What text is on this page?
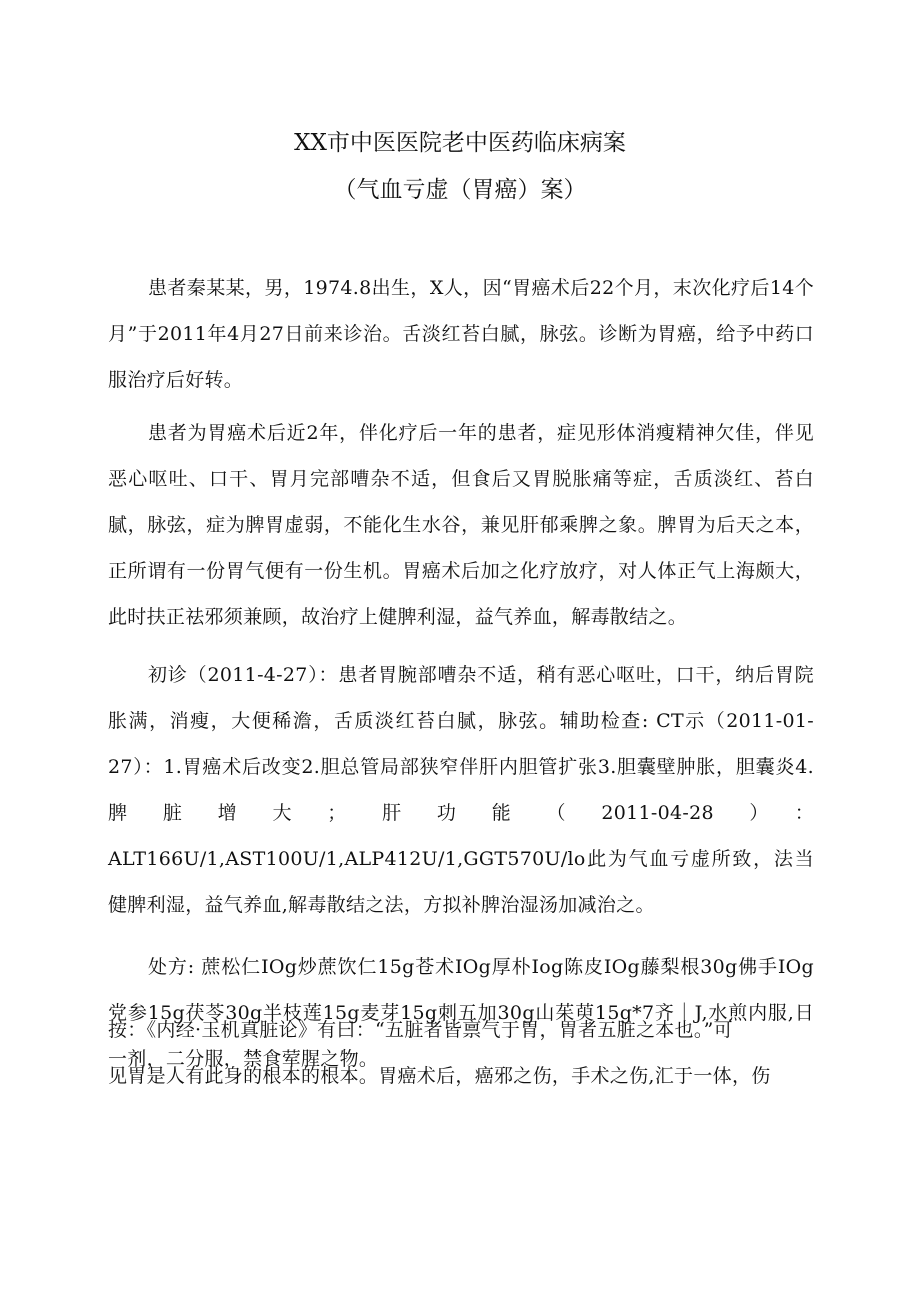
XX市中医医院老中医药临床病案
（气血亏虚（胃癌）案）
患者秦某某，男，1974.8出生，X人，因“胃癌术后22个月，末次化疗后14个月”于2011年4月27日前来诊治。舌淡红苔白腻，脉弦。诊断为胃癌，给予中药口服治疗后好转。
患者为胃癌术后近2年，伴化疗后一年的患者，症见形体消瘦精神欠佳，伴见恶心呕吐、口干、胃月完部嘈杂不适，但食后又胃脱胀痛等症，舌质淡红、苔白腻，脉弦，症为脾胃虚弱，不能化生水谷，兼见肝郁乘脾之象。脾胃为后天之本，正所谓有一份胃气便有一份生机。胃癌术后加之化疗放疗，对人体正气上海颇大，此时扶正祛邪须兼顾，故治疗上健脾利湿，益气养血，解毒散结之。
初诊（2011-4-27）：患者胃腕部嘈杂不适，稍有恶心呕吐，口干，纳后胃院胀满，消瘦，大便稀澹，舌质淡红苔白腻，脉弦。辅助检查: CT示（2011-01-27）：1.胃癌术后改变2.胆总管局部狭窄伴肝内胆管扩张3.胆囊壁肿胀，胆囊炎4.脾脏增大；肝功能（2011-04-28）：ALT166U/1,AST100U/1,ALP412U/1,GGT570U/lo此为气血亏虚所致，法当健脾利湿，益气养血,解毒散结之法，方拟补脾治湿汤加减治之。
处方: 蔗松仁IOg炒蔗饮仁15g苍术IOg厚朴Iog陈皮IOg藤梨根30g佛手IOg党参15g茯苓30g半枝莲15g麦芽15g刺五加30g山茱萸15g*7齐｜J,水煎内服,日一剂，二分服，禁食荤腥之物。
按：《内经·玉机真脏论》有曰：“五脏者皆禀气于胃，胃者五脏之本也。”可
见胃是人有此身的根本的根本。胃癌术后，癌邪之伤，手术之伤,汇于一体，伤
